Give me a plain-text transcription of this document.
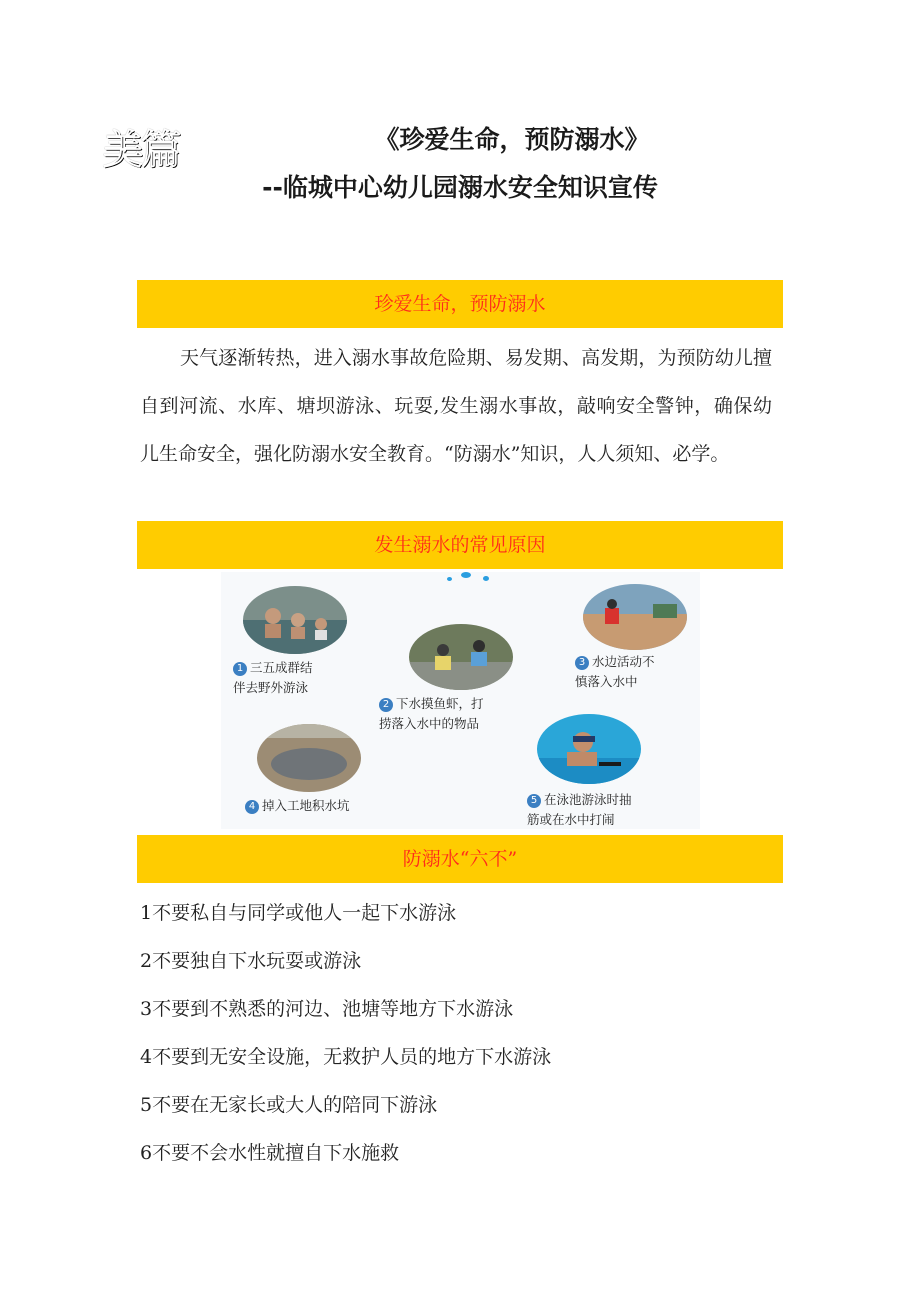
美篇	《珍爱生命，预防溺水》
--临城中心幼儿园溺水安全知识宣传
珍爱生命，预防溺水
天气逐渐转热，进入溺水事故危险期、易发期、高发期，为预防幼儿擅自到河流、水库、塘坝游泳、玩耍,发生溺水事故，敲响安全警钟，确保幼儿生命安全，强化防溺水安全教育。“防溺水”知识，人人须知、必学。
发生溺水的常见原因
1 三五成群结
伴去野外游泳
2 下水摸鱼虾，打
捞落入水中的物品
3 水边活动不
慎落入水中
4 掉入工地积水坑	5 在泳池游泳时抽
筋或在水中打闹
防溺水“六不”
1不要私自与同学或他人一起下水游泳
2不要独自下水玩耍或游泳
3不要到不熟悉的河边、池塘等地方下水游泳
4不要到无安全设施，无救护人员的地方下水游泳
5不要在无家长或大人的陪同下游泳
6不要不会水性就擅自下水施救
